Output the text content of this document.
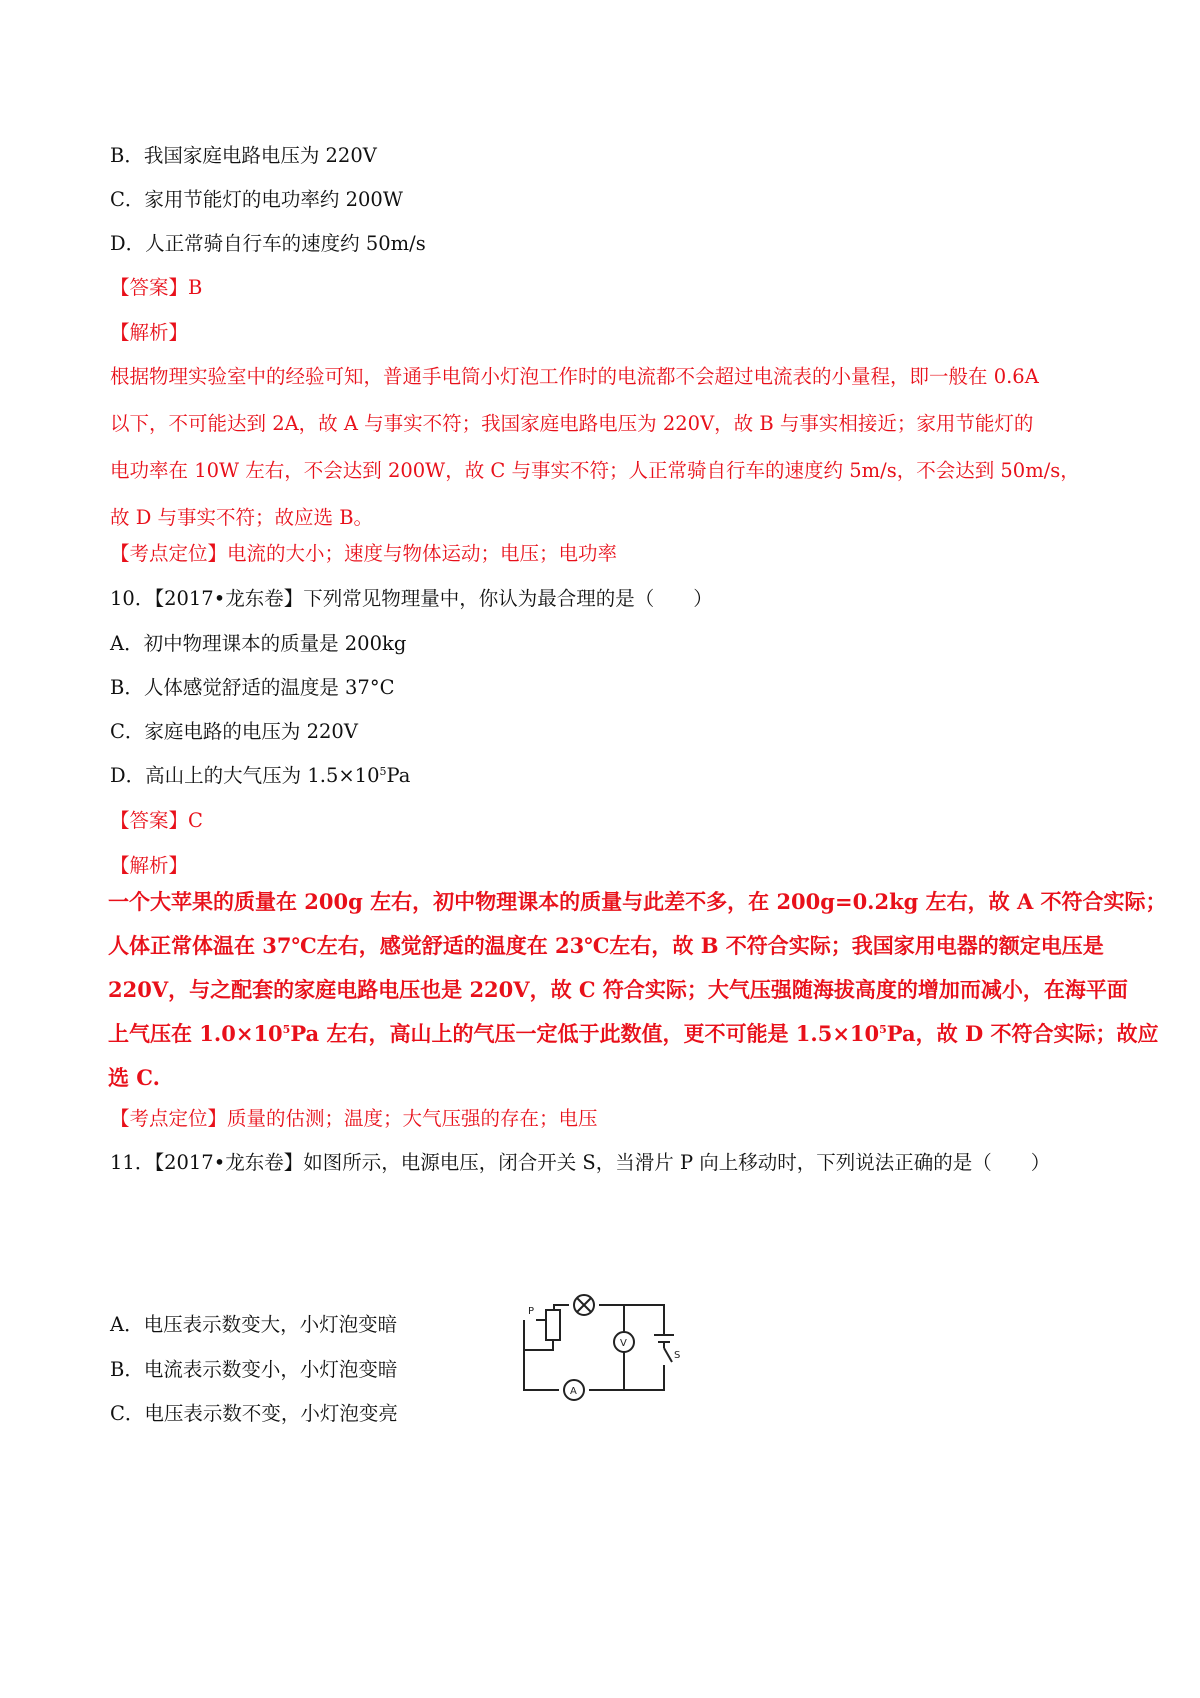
B．我国家庭电路电压为 220V
C．家用节能灯的电功率约 200W
D．人正常骑自行车的速度约 50m/s
【答案】B
【解析】
根据物理实验室中的经验可知，普通手电筒小灯泡工作时的电流都不会超过电流表的小量程，即一般在 0.6A
以下，不可能达到 2A，故 A 与事实不符；我国家庭电路电压为 220V，故 B 与事实相接近；家用节能灯的
电功率在 10W 左右，不会达到 200W，故 C 与事实不符；人正常骑自行车的速度约 5m/s，不会达到 50m/s，
故 D 与事实不符；故应选 B。
【考点定位】电流的大小；速度与物体运动；电压；电功率
10．【2017•龙东卷】下列常见物理量中，你认为最合理的是（　　）
A．初中物理课本的质量是 200kg
B．人体感觉舒适的温度是 37°C
C．家庭电路的电压为 220V
D．高山上的大气压为 $1.5\times 10^5Pa$
【答案】C
【解析】
一个大苹果的质量在 200g 左右，初中物理课本的质量与此差不多，在 200g=0.2kg 左右，故 A 不符合实际；
人体正常体温在 37℃左右，感觉舒适的温度在 23℃左右，故 B 不符合实际；我国家用电器的额定电压是
220V，与之配套的家庭电路电压也是 220V，故 C 符合实际；大气压强随海拔高度的增加而减小，在海平面
上气压在 $1.0\times 10^5Pa$ 左右，高山上的气压一定低于此数值，更不可能是 $1.5\times 10^5Pa$，故 D 不符合实际；故应
选 C.
【考点定位】质量的估测；温度；大气压强的存在；电压
11．【2017•龙东卷】如图所示，电源电压，闭合开关 S，当滑片 P 向上移动时，下列说法正确的是（　　）
P
V
A
S
A．电压表示数变大，小灯泡变暗
B．电流表示数变小，小灯泡变暗
C．电压表示数不变，小灯泡变亮
